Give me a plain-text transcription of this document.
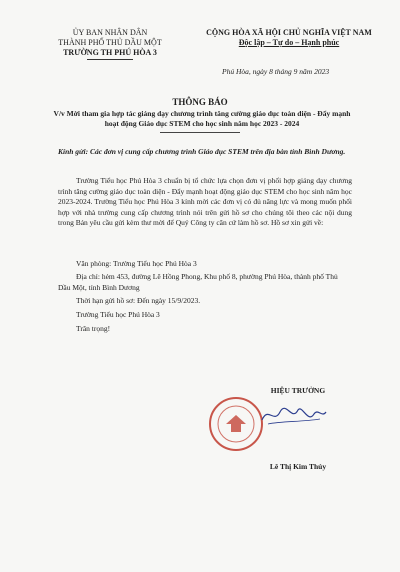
ỦY BAN NHÂN DÂN
THÀNH PHỐ THỦ DẦU MỘT
TRƯỜNG TH PHÚ HÒA 3
CỘNG HÒA XÃ HỘI CHỦ NGHĨA VIỆT NAM
Độc lập – Tự do – Hạnh phúc
Phú Hòa, ngày 8 tháng 9 năm 2023
THÔNG BÁO
V/v Mời tham gia hợp tác giảng dạy chương trình tăng cường giáo dục toàn diện - Đẩy mạnh hoạt động Giáo dục STEM cho học sinh năm học 2023 - 2024
Kính gửi: Các đơn vị cung cấp chương trình Giáo dục STEM trên địa bàn tỉnh Bình Dương.
Trường Tiểu học Phú Hòa 3 chuẩn bị tổ chức lựa chọn đơn vị phối hợp giảng dạy chương trình tăng cường giáo dục toàn diện - Đẩy mạnh hoạt động giáo dục STEM cho học sinh năm học 2023-2024. Trường Tiểu học Phú Hòa 3 kính mời các đơn vị có đủ năng lực và mong muốn phối hợp với nhà trường cung cấp chương trình nói trên gửi hồ sơ cho chúng tôi theo các nội dung trong Bản yêu cầu gửi kèm thư mời để Quý Công ty căn cứ làm hồ sơ. Hồ sơ xin gửi về:
Văn phòng: Trường Tiểu học Phú Hòa 3
Địa chỉ: hẻm 453, đường Lê Hồng Phong, Khu phố 8, phường Phú Hòa, thành phố Thủ Dầu Một, tỉnh Bình Dương
Thời hạn gửi hồ sơ: Đến ngày 15/9/2023.
Trường Tiểu học Phú Hòa 3
Trân trọng!
HIỆU TRƯỞNG
Lê Thị Kim Thúy
